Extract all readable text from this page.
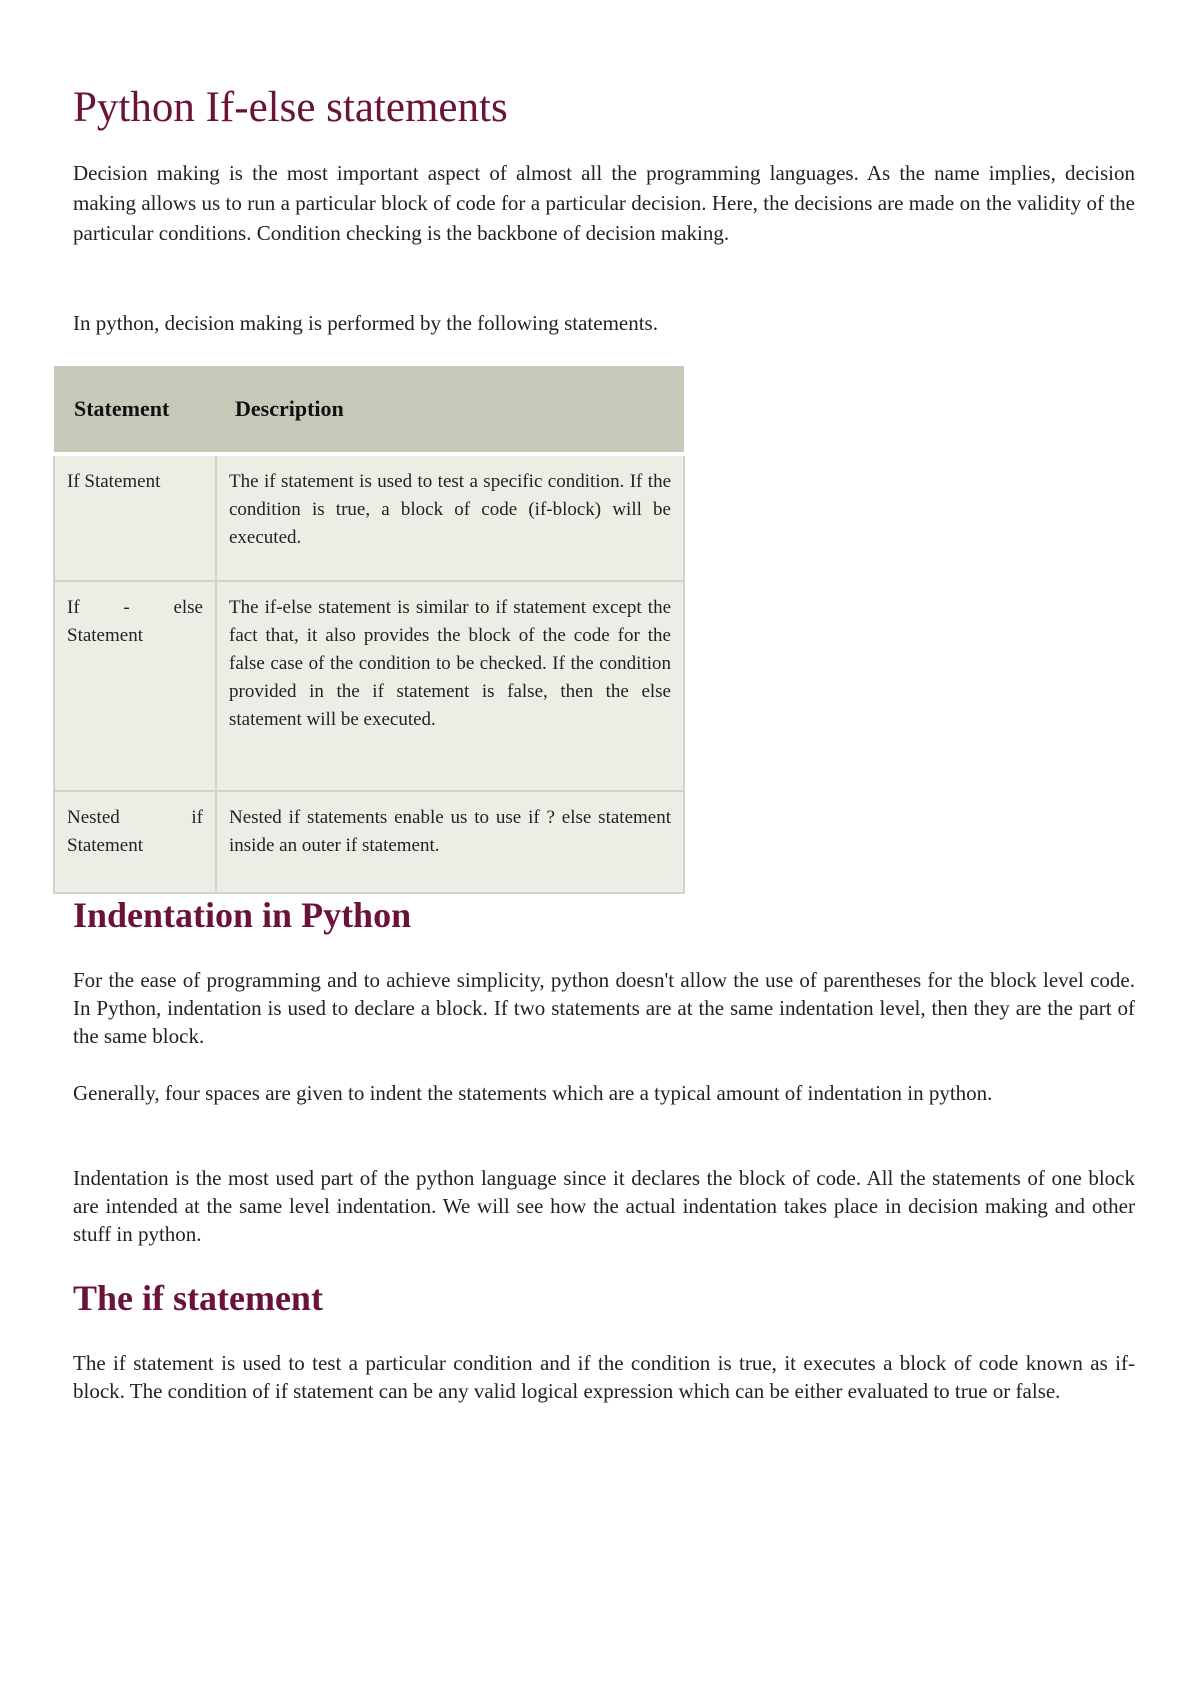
Python If-else statements

Decision making is the most important aspect of almost all the programming languages. As the name implies, decision making allows us to run a particular block of code for a particular decision. Here, the decisions are made on the validity of the particular conditions. Condition checking is the backbone of decision making.

In python, decision making is performed by the following statements.

Statement	Description
If Statement	The if statement is used to test a specific condition. If the condition is true, a block of code (if-block) will be executed.
If - else Statement	The if-else statement is similar to if statement except the fact that, it also provides the block of the code for the false case of the condition to be checked. If the condition provided in the if statement is false, then the else statement will be executed.
Nested if Statement	Nested if statements enable us to use if ? else statement inside an outer if statement.
Indentation in Python

For the ease of programming and to achieve simplicity, python doesn't allow the use of parentheses for the block level code. In Python, indentation is used to declare a block. If two statements are at the same indentation level, then they are the part of the same block.

Generally, four spaces are given to indent the statements which are a typical amount of indentation in python.

Indentation is the most used part of the python language since it declares the block of code. All the statements of one block are intended at the same level indentation. We will see how the actual indentation takes place in decision making and other stuff in python.

The if statement

The if statement is used to test a particular condition and if the condition is true, it executes a block of code known as if-block. The condition of if statement can be any valid logical expression which can be either evaluated to true or false.
